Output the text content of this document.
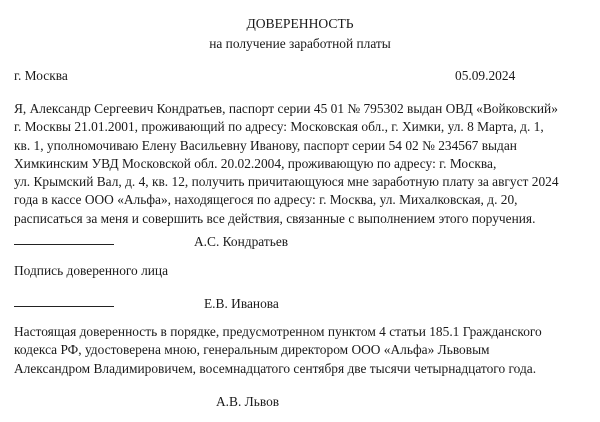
ДОВЕРЕННОСТЬ
на получение заработной платы
г. Москва	05.09.2024
Я, Александр Сергеевич Кондратьев, паспорт серии 45 01 № 795302 выдан ОВД «Войковский»
г. Москвы 21.01.2001, проживающий по адресу: Московская обл., г. Химки, ул. 8 Марта, д. 1,
кв. 1, уполномочиваю Елену Васильевну Иванову, паспорт серии 54 02 № 234567 выдан
Химкинским УВД Московской обл. 20.02.2004, проживающую по адресу: г. Москва,
ул. Крымский Вал, д. 4, кв. 12, получить причитающуюся мне заработную плату за август 2024
года в кассе ООО «Альфа», находящегося по адресу: г. Москва, ул. Михалковская, д. 20,
расписаться за меня и совершить все действия, связанные с выполнением этого поручения.
А.С. Кондратьев
Подпись доверенного лица
Е.В. Иванова
Настоящая доверенность в порядке, предусмотренном пунктом 4 статьи 185.1 Гражданского
кодекса РФ, удостоверена мною, генеральным директором ООО «Альфа» Львовым
Александром Владимировичем, восемнадцатого сентября две тысячи четырнадцатого года.
А.В. Львов
